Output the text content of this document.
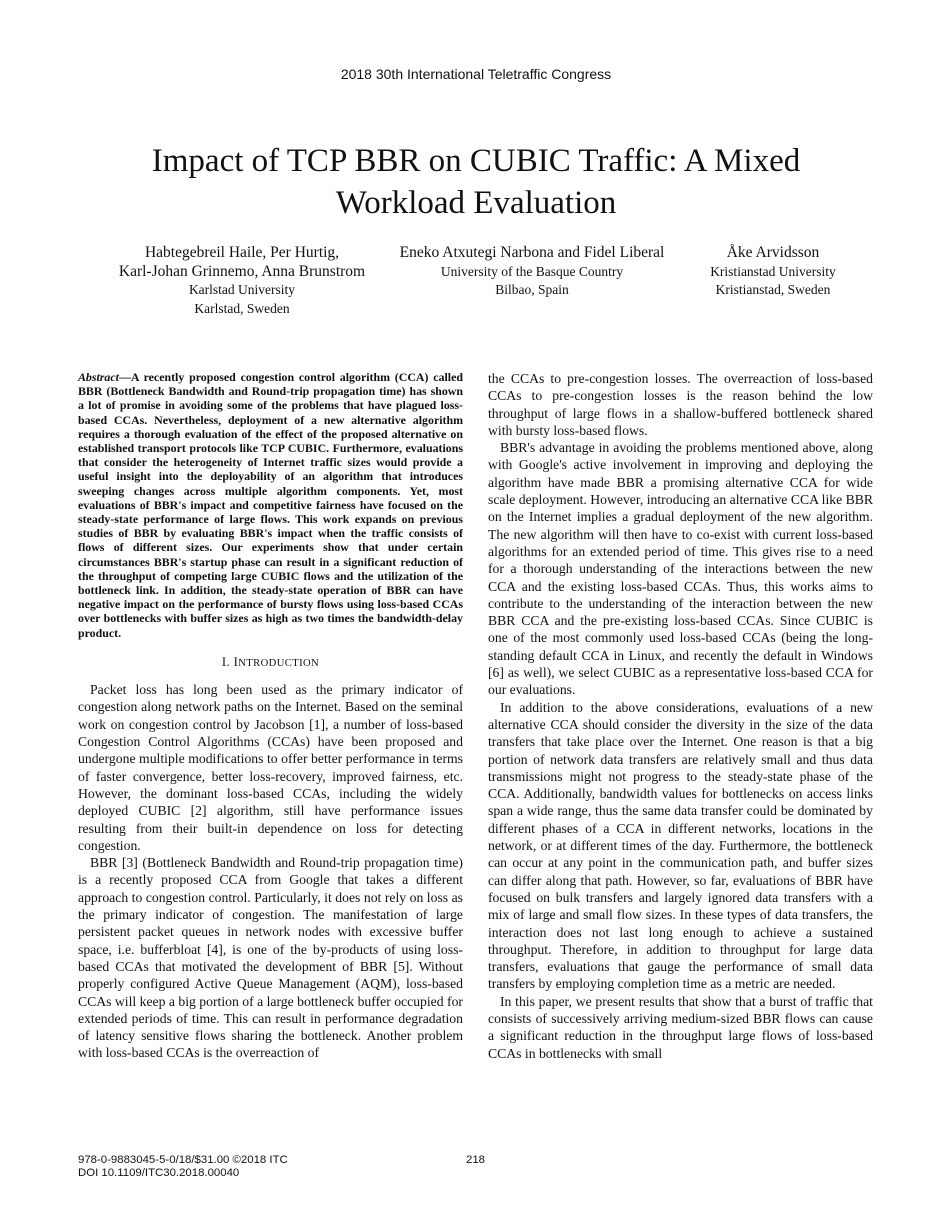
2018 30th International Teletraffic Congress
Impact of TCP BBR on CUBIC Traffic: A Mixed Workload Evaluation
Habtegebreil Haile, Per Hurtig,
Karl-Johan Grinnemo, Anna Brunstrom
Karlstad University
Karlstad, Sweden
Eneko Atxutegi Narbona and Fidel Liberal
University of the Basque Country
Bilbao, Spain
Åke Arvidsson
Kristianstad University
Kristianstad, Sweden
Abstract—A recently proposed congestion control algorithm (CCA) called BBR (Bottleneck Bandwidth and Round-trip propagation time) has shown a lot of promise in avoiding some of the problems that have plagued loss-based CCAs. Nevertheless, deployment of a new alternative algorithm requires a thorough evaluation of the effect of the proposed alternative on established transport protocols like TCP CUBIC. Furthermore, evaluations that consider the heterogeneity of Internet traffic sizes would provide a useful insight into the deployability of an algorithm that introduces sweeping changes across multiple algorithm components. Yet, most evaluations of BBR's impact and competitive fairness have focused on the steady-state performance of large flows. This work expands on previous studies of BBR by evaluating BBR's impact when the traffic consists of flows of different sizes. Our experiments show that under certain circumstances BBR's startup phase can result in a significant reduction of the throughput of competing large CUBIC flows and the utilization of the bottleneck link. In addition, the steady-state operation of BBR can have negative impact on the performance of bursty flows using loss-based CCAs over bottlenecks with buffer sizes as high as two times the bandwidth-delay product.
I. INTRODUCTION

Packet loss has long been used as the primary indicator of congestion along network paths on the Internet. Based on the seminal work on congestion control by Jacobson [1], a number of loss-based Congestion Control Algorithms (CCAs) have been proposed and undergone multiple modifications to offer better performance in terms of faster convergence, better loss-recovery, improved fairness, etc. However, the dominant loss-based CCAs, including the widely deployed CUBIC [2] algorithm, still have performance issues resulting from their built-in dependence on loss for detecting congestion.

BBR [3] (Bottleneck Bandwidth and Round-trip propagation time) is a recently proposed CCA from Google that takes a different approach to congestion control. Particularly, it does not rely on loss as the primary indicator of congestion. The manifestation of large persistent packet queues in network nodes with excessive buffer space, i.e. bufferbloat [4], is one of the by-products of using loss-based CCAs that motivated the development of BBR [5]. Without properly configured Active Queue Management (AQM), loss-based CCAs will keep a big portion of a large bottleneck buffer occupied for extended periods of time. This can result in performance degradation of latency sensitive flows sharing the bottleneck. Another problem with loss-based CCAs is the overreaction of

the CCAs to pre-congestion losses. The overreaction of loss-based CCAs to pre-congestion losses is the reason behind the low throughput of large flows in a shallow-buffered bottleneck shared with bursty loss-based flows.

BBR's advantage in avoiding the problems mentioned above, along with Google's active involvement in improving and deploying the algorithm have made BBR a promising alternative CCA for wide scale deployment. However, introducing an alternative CCA like BBR on the Internet implies a gradual deployment of the new algorithm. The new algorithm will then have to co-exist with current loss-based algorithms for an extended period of time. This gives rise to a need for a thorough understanding of the interactions between the new CCA and the existing loss-based CCAs. Thus, this works aims to contribute to the understanding of the interaction between the new BBR CCA and the pre-existing loss-based CCAs. Since CUBIC is one of the most commonly used loss-based CCAs (being the long-standing default CCA in Linux, and recently the default in Windows [6] as well), we select CUBIC as a representative loss-based CCA for our evaluations.

In addition to the above considerations, evaluations of a new alternative CCA should consider the diversity in the size of the data transfers that take place over the Internet. One reason is that a big portion of network data transfers are relatively small and thus data transmissions might not progress to the steady-state phase of the CCA. Additionally, bandwidth values for bottlenecks on access links span a wide range, thus the same data transfer could be dominated by different phases of a CCA in different networks, locations in the network, or at different times of the day. Furthermore, the bottleneck can occur at any point in the communication path, and buffer sizes can differ along that path. However, so far, evaluations of BBR have focused on bulk transfers and largely ignored data transfers with a mix of large and small flow sizes. In these types of data transfers, the interaction does not last long enough to achieve a sustained throughput. Therefore, in addition to throughput for large data transfers, evaluations that gauge the performance of small data transfers by employing completion time as a metric are needed.

In this paper, we present results that show that a burst of traffic that consists of successively arriving medium-sized BBR flows can cause a significant reduction in the throughput large flows of loss-based CCAs in bottlenecks with small

978-0-9883045-5-0/18/$31.00 ©2018 ITC
DOI 10.1109/ITC30.2018.00040
218
